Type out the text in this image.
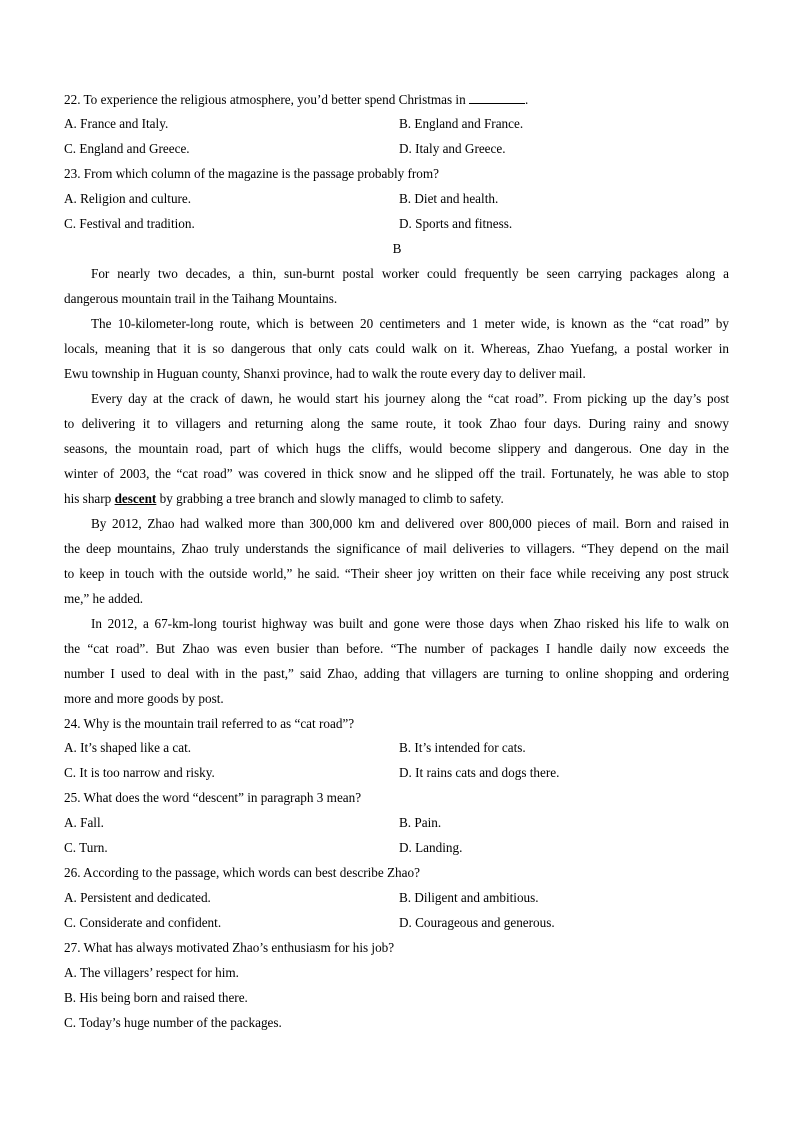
22. To experience the religious atmosphere, you’d better spend Christmas in	.
A. France and Italy.	B. England and France.
C. England and Greece.	D. Italy and Greece.
23. From which column of the magazine is the passage probably from?
A. Religion and culture.	B. Diet and health.
C. Festival and tradition.	D. Sports and fitness.
B
For nearly two decades, a thin, sun-burnt postal worker could frequently be seen carrying packages along a
dangerous mountain trail in the Taihang Mountains.
The 10-kilometer-long route, which is between 20 centimeters and 1 meter wide, is known as the “cat road” by
locals, meaning that it is so dangerous that only cats could walk on it. Whereas, Zhao Yuefang, a postal worker in
Ewu township in Huguan county, Shanxi province, had to walk the route every day to deliver mail.
Every day at the crack of dawn, he would start his journey along the “cat road”. From picking up the day’s post
to delivering it to villagers and returning along the same route, it took Zhao four days. During rainy and snowy
seasons, the mountain road, part of which hugs the cliffs, would become slippery and dangerous. One day in the
winter of 2003, the “cat road” was covered in thick snow and he slipped off the trail. Fortunately, he was able to stop
his sharp descent by grabbing a tree branch and slowly managed to climb to safety.
By 2012, Zhao had walked more than 300,000 km and delivered over 800,000 pieces of mail. Born and raised in
the deep mountains, Zhao truly understands the significance of mail deliveries to villagers. “They depend on the mail
to keep in touch with the outside world,” he said. “Their sheer joy written on their face while receiving any post struck
me,” he added.
In 2012, a 67-km-long tourist highway was built and gone were those days when Zhao risked his life to walk on
the “cat road”. But Zhao was even busier than before. “The number of packages I handle daily now exceeds the
number I used to deal with in the past,” said Zhao, adding that villagers are turning to online shopping and ordering
more and more goods by post.
24. Why is the mountain trail referred to as “cat road”?
A. It’s shaped like a cat.	B. It’s intended for cats.
C. It is too narrow and risky.	D. It rains cats and dogs there.
25. What does the word “descent” in paragraph 3 mean?
A. Fall.	B. Pain.
C. Turn.	D. Landing.
26. According to the passage, which words can best describe Zhao?
A. Persistent and dedicated.	B. Diligent and ambitious.
C. Considerate and confident.	D. Courageous and generous.
27. What has always motivated Zhao’s enthusiasm for his job?
A. The villagers’ respect for him.
B. His being born and raised there.
C. Today’s huge number of the packages.
